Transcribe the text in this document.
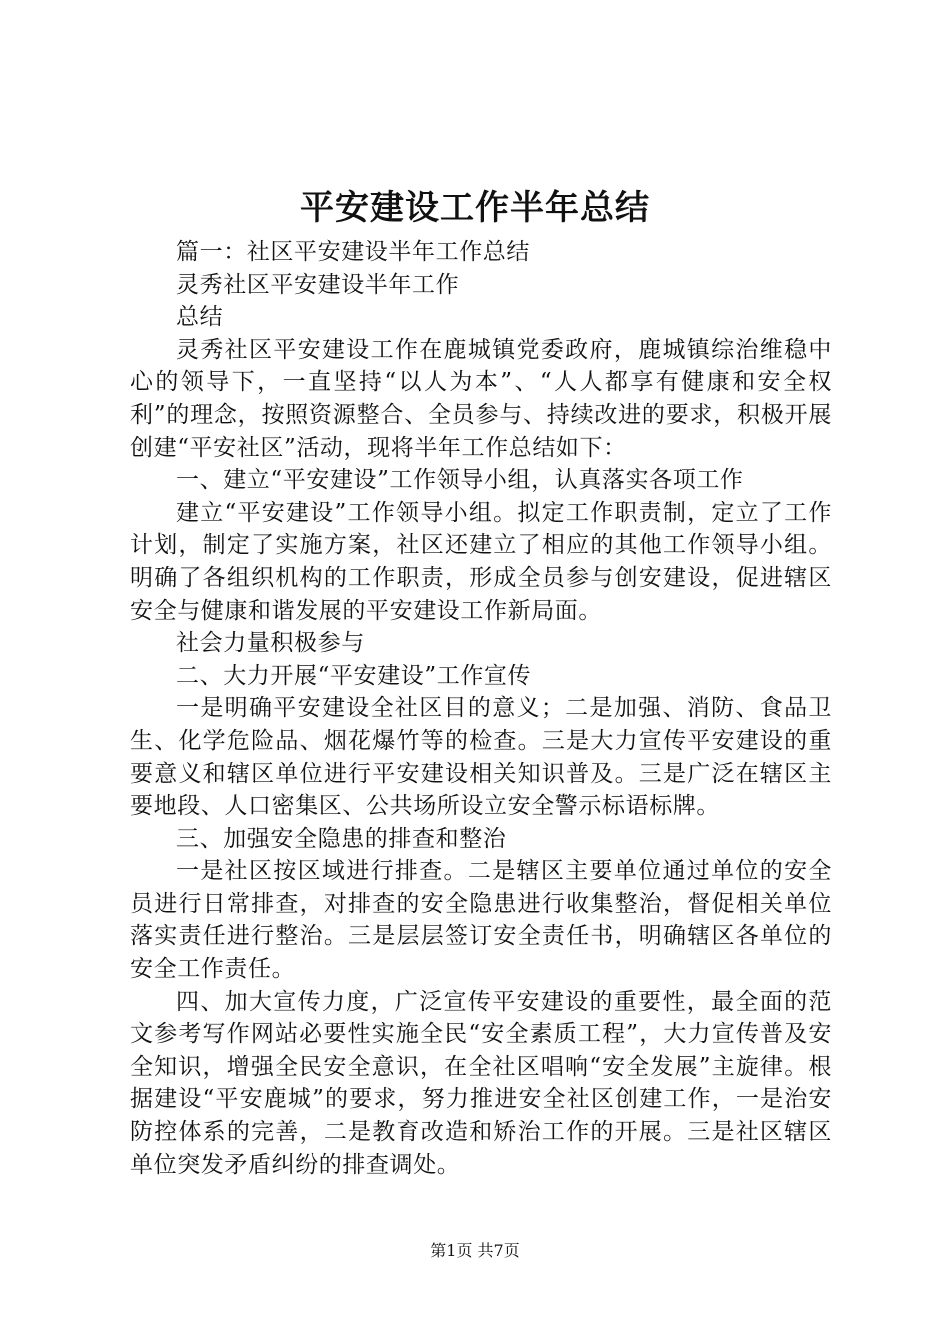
平安建设工作半年总结

篇一：社区平安建设半年工作总结

灵秀社区平安建设半年工作

总结

灵秀社区平安建设工作在鹿城镇党委政府，鹿城镇综治维稳中心的领导下，一直坚持“以人为本”、“人人都享有健康和安全权利”的理念，按照资源整合、全员参与、持续改进的要求，积极开展创建“平安社区”活动，现将半年工作总结如下：

一、建立“平安建设”工作领导小组，认真落实各项工作

建立“平安建设”工作领导小组。拟定工作职责制，定立了工作计划，制定了实施方案，社区还建立了相应的其他工作领导小组。明确了各组织机构的工作职责，形成全员参与创安建设，促进辖区安全与健康和谐发展的平安建设工作新局面。

社会力量积极参与

二、大力开展“平安建设”工作宣传

一是明确平安建设全社区目的意义；二是加强、消防、食品卫生、化学危险品、烟花爆竹等的检查。三是大力宣传平安建设的重要意义和辖区单位进行平安建设相关知识普及。三是广泛在辖区主要地段、人口密集区、公共场所设立安全警示标语标牌。

三、加强安全隐患的排查和整治

一是社区按区域进行排查。二是辖区主要单位通过单位的安全员进行日常排查，对排查的安全隐患进行收集整治，督促相关单位落实责任进行整治。三是层层签订安全责任书，明确辖区各单位的安全工作责任。

四、加大宣传力度，广泛宣传平安建设的重要性，最全面的范文参考写作网站必要性实施全民“安全素质工程”，大力宣传普及安全知识，增强全民安全意识，在全社区唱响“安全发展”主旋律。根据建设“平安鹿城”的要求，努力推进安全社区创建工作，一是治安防控体系的完善，二是教育改造和矫治工作的开展。三是社区辖区单位突发矛盾纠纷的排查调处。

第1页 共7页
